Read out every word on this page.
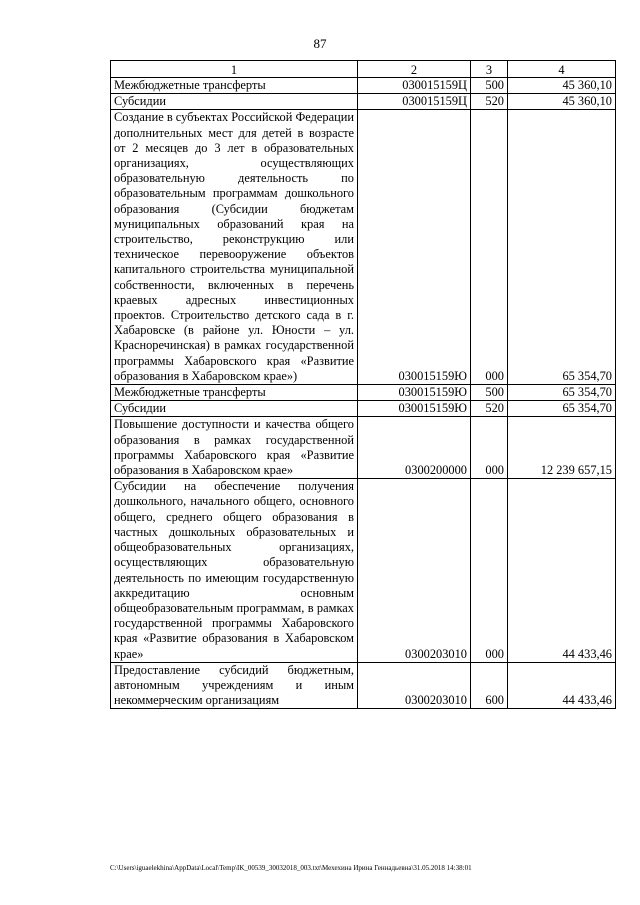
87
1	2	3	4
Межбюджетные трансферты	030015159Ц	500	45 360,10
Субсидии	030015159Ц	520	45 360,10
Создание в субъектах Российской Федерации дополнительных мест для детей в возрасте от 2 месяцев до 3 лет в образовательных организациях, осуществляющих образовательную деятельность по образовательным программам дошкольного образования (Субсидии бюджетам муниципальных образований края на строительство, реконструкцию или техническое перевооружение объектов капитального строительства муниципальной собственности, включенных в перечень краевых адресных инвестиционных проектов. Строительство детского сада в г. Хабаровске (в районе ул. Юности – ул. Красноречинская) в рамках государственной программы Хабаровского края «Развитие образования в Хабаровском крае»)	030015159Ю	000	65 354,70
Межбюджетные трансферты	030015159Ю	500	65 354,70
Субсидии	030015159Ю	520	65 354,70
Повышение доступности и качества общего образования в рамках государственной программы Хабаровского края «Развитие образования в Хабаровском крае»	0300200000	000	12 239 657,15
Субсидии на обеспечение получения дошкольного, начального общего, основного общего, среднего общего образования в частных дошкольных образовательных и общеобразовательных организациях, осуществляющих образовательную деятельность по имеющим государственную аккредитацию основным общеобразовательным программам, в рамках государственной программы Хабаровского края «Развитие образования в Хабаровском крае»	0300203010	000	44 433,46
Предоставление субсидий бюджетным, автономным учреждениям и иным некоммерческим организациям	0300203010	600	44 433,46
C:\Users\iguaelekhina\AppData\Local\Temp\IK_00539_30032018_003.txt\Мехехина Ирина Геннадьевна\31.05.2018 14:38:01
